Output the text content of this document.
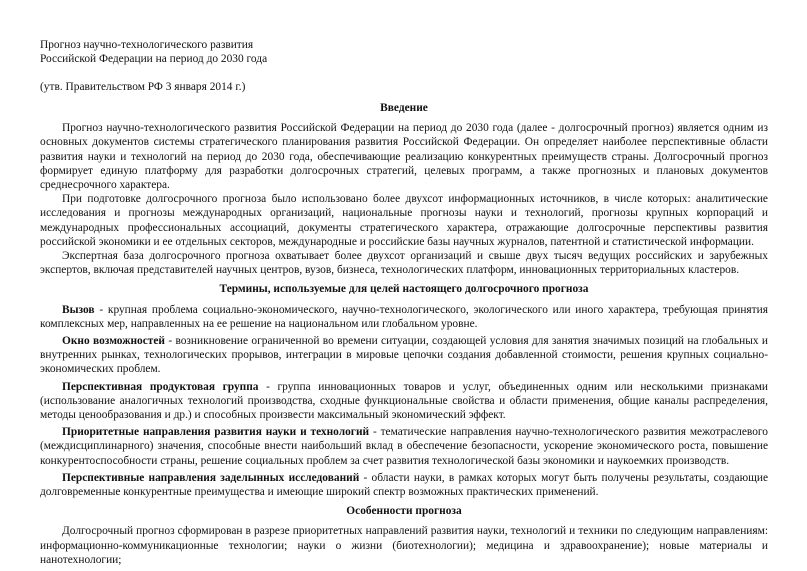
Прогноз научно-технологического развития
Российской Федерации на период до 2030 года
(утв. Правительством РФ 3 января 2014 г.)
Введение

Прогноз научно-технологического развития Российской Федерации на период до 2030 года (далее - долгосрочный прогноз) является одним из основных документов системы стратегического планирования развития Российской Федерации. Он определяет наиболее перспективные области развития науки и технологий на период до 2030 года, обеспечивающие реализацию конкурентных преимуществ страны. Долгосрочный прогноз формирует единую платформу для разработки долгосрочных стратегий, целевых программ, а также прогнозных и плановых документов среднесрочного характера.

При подготовке долгосрочного прогноза было использовано более двухсот информационных источников, в числе которых: аналитические исследования и прогнозы международных организаций, национальные прогнозы науки и технологий, прогнозы крупных корпораций и международных профессиональных ассоциаций, документы стратегического характера, отражающие долгосрочные перспективы развития российской экономики и ее отдельных секторов, международные и российские базы научных журналов, патентной и статистической информации.

Экспертная база долгосрочного прогноза охватывает более двухсот организаций и свыше двух тысяч ведущих российских и зарубежных экспертов, включая представителей научных центров, вузов, бизнеса, технологических платформ, инновационных территориальных кластеров.

Термины, используемые для целей настоящего долгосрочного прогноза

Вызов - крупная проблема социально-экономического, научно-технологического, экологического или иного характера, требующая принятия комплексных мер, направленных на ее решение на национальном или глобальном уровне.

Окно возможностей - возникновение ограниченной во времени ситуации, создающей условия для занятия значимых позиций на глобальных и внутренних рынках, технологических прорывов, интеграции в мировые цепочки создания добавленной стоимости, решения крупных социально-экономических проблем.

Перспективная продуктовая группа - группа инновационных товаров и услуг, объединенных одним или несколькими признаками (использование аналогичных технологий производства, сходные функциональные свойства и области применения, общие каналы распределения, методы ценообразования и др.) и способных произвести максимальный экономический эффект.

Приоритетные направления развития науки и технологий - тематические направления научно-технологического развития межотраслевого (междисциплинарного) значения, способные внести наибольший вклад в обеспечение безопасности, ускорение экономического роста, повышение конкурентоспособности страны, решение социальных проблем за счет развития технологической базы экономики и наукоемких производств.

Перспективные направления заделынных исследований - области науки, в рамках которых могут быть получены результаты, создающие долговременные конкурентные преимущества и имеющие широкий спектр возможных практических применений.

Особенности прогноза

Долгосрочный прогноз сформирован в разрезе приоритетных направлений развития науки, технологий и техники по следующим направлениям: информационно-коммуникационные технологии; науки о жизни (биотехнологии); медицина и здравоохранение); новые материалы и нанотехнологии;
